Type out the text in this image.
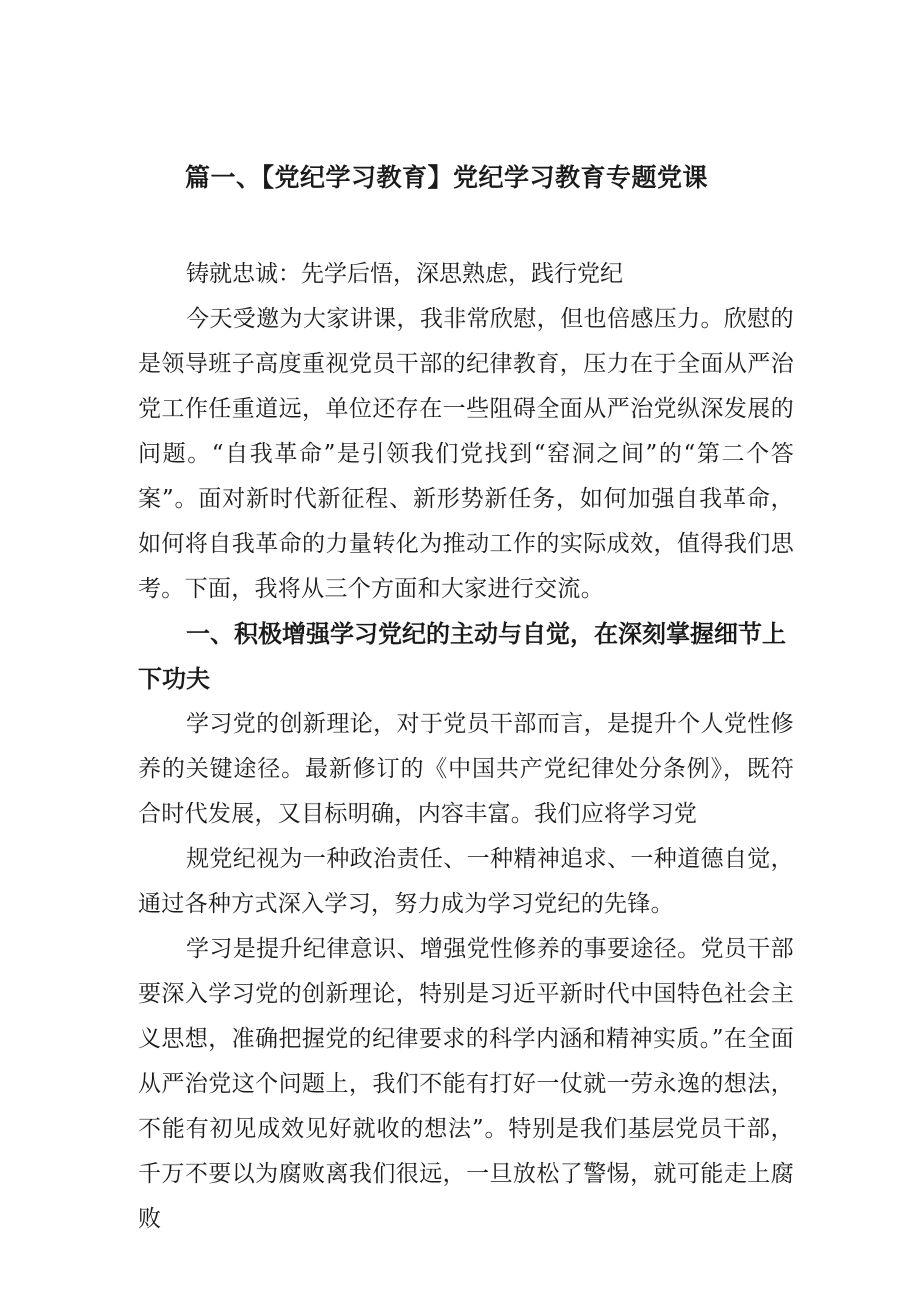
篇一、【党纪学习教育】党纪学习教育专题党课

铸就忠诚：先学后悟，深思熟虑，践行党纪

今天受邀为大家讲课，我非常欣慰，但也倍感压力。欣慰的是领导班子高度重视党员干部的纪律教育，压力在于全面从严治党工作任重道远，单位还存在一些阻碍全面从严治党纵深发展的问题。“自我革命”是引领我们党找到“窑洞之间”的“第二个答案”。面对新时代新征程、新形势新任务，如何加强自我革命，如何将自我革命的力量转化为推动工作的实际成效，值得我们思考。下面，我将从三个方面和大家进行交流。

一、积极增强学习党纪的主动与自觉，在深刻掌握细节上下功夫

学习党的创新理论，对于党员干部而言，是提升个人党性修养的关键途径。最新修订的《中国共产党纪律处分条例》，既符合时代发展，又目标明确，内容丰富。我们应将学习党

规党纪视为一种政治责任、一种精神追求、一种道德自觉，通过各种方式深入学习，努力成为学习党纪的先锋。

学习是提升纪律意识、增强党性修养的事要途径。党员干部要深入学习党的创新理论，特别是习近平新时代中国特色社会主义思想，准确把握党的纪律要求的科学内涵和精神实质。”在全面从严治党这个问题上，我们不能有打好一仗就一劳永逸的想法，不能有初见成效见好就收的想法”。特别是我们基层党员干部，千万不要以为腐败离我们很远，一旦放松了警惕，就可能走上腐败
